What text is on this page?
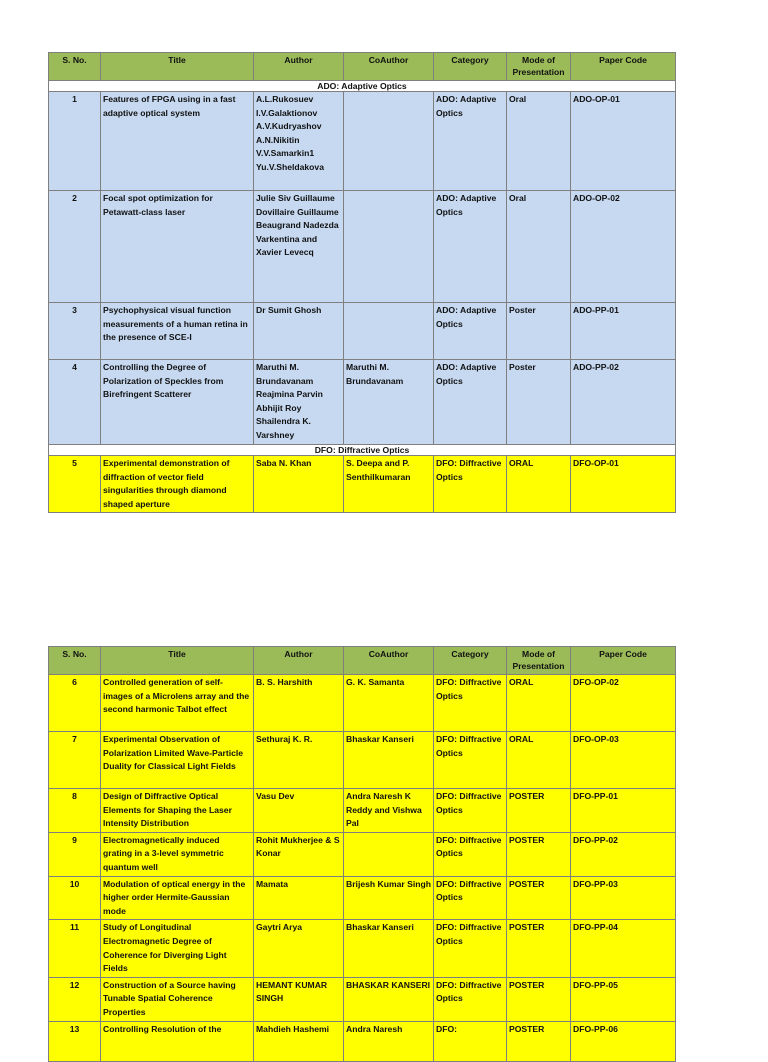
S. No.	Title	Author	CoAuthor	Category	Mode of Presentation	Paper Code
ADO: Adaptive Optics						
1	Features of FPGA using in a fast adaptive optical system	A.L.Rukosuev I.V.Galaktionov A.V.Kudryashov A.N.Nikitin V.V.Samarkin1 Yu.V.Sheldakova		ADO: Adaptive Optics	Oral	ADO-OP-01
2	Focal spot optimization for Petawatt-class laser	Julie Siv Guillaume Dovillaire Guillaume Beaugrand Nadezda Varkentina and Xavier Levecq		ADO: Adaptive Optics	Oral	ADO-OP-02
3	Psychophysical visual function measurements of a human retina in the presence of SCE-I	Dr Sumit Ghosh		ADO: Adaptive Optics	Poster	ADO-PP-01
4	Controlling the Degree of Polarization of Speckles from Birefringent Scatterer	Maruthi M. Brundavanam Reajmina Parvin Abhijit Roy Shailendra K. Varshney	Maruthi M. Brundavanam	ADO: Adaptive Optics	Poster	ADO-PP-02
DFO: Diffractive Optics						
5	Experimental demonstration of diffraction of vector field singularities through diamond shaped aperture	Saba N. Khan	S. Deepa and P. Senthilkumaran	DFO: Diffractive Optics	ORAL	DFO-OP-01
S. No.	Title	Author	CoAuthor	Category	Mode of Presentation	Paper Code
6	Controlled generation of self-images of a Microlens array and the second harmonic Talbot effect	B. S. Harshith	G. K. Samanta	DFO: Diffractive Optics	ORAL	DFO-OP-02
7	Experimental Observation of Polarization Limited Wave-Particle Duality for Classical Light Fields	Sethuraj K. R.	Bhaskar Kanseri	DFO: Diffractive Optics	ORAL	DFO-OP-03
8	Design of Diffractive Optical Elements for Shaping the Laser Intensity Distribution	Vasu Dev	Andra Naresh K Reddy and Vishwa Pal	DFO: Diffractive Optics	POSTER	DFO-PP-01
9	Electromagnetically induced grating in a 3-level symmetric quantum well	Rohit Mukherjee & S Konar		DFO: Diffractive Optics	POSTER	DFO-PP-02
10	Modulation of optical energy in the higher order Hermite-Gaussian mode	Mamata	Brijesh Kumar Singh	DFO: Diffractive Optics	POSTER	DFO-PP-03
11	Study of Longitudinal Electromagnetic Degree of Coherence for Diverging Light Fields	Gaytri Arya	Bhaskar Kanseri	DFO: Diffractive Optics	POSTER	DFO-PP-04
12	Construction of a Source having Tunable Spatial Coherence Properties	HEMANT KUMAR SINGH	BHASKAR KANSERI	DFO: Diffractive Optics	POSTER	DFO-PP-05
13	Controlling Resolution of the	Mahdieh Hashemi	Andra Naresh	DFO:	POSTER	DFO-PP-06
